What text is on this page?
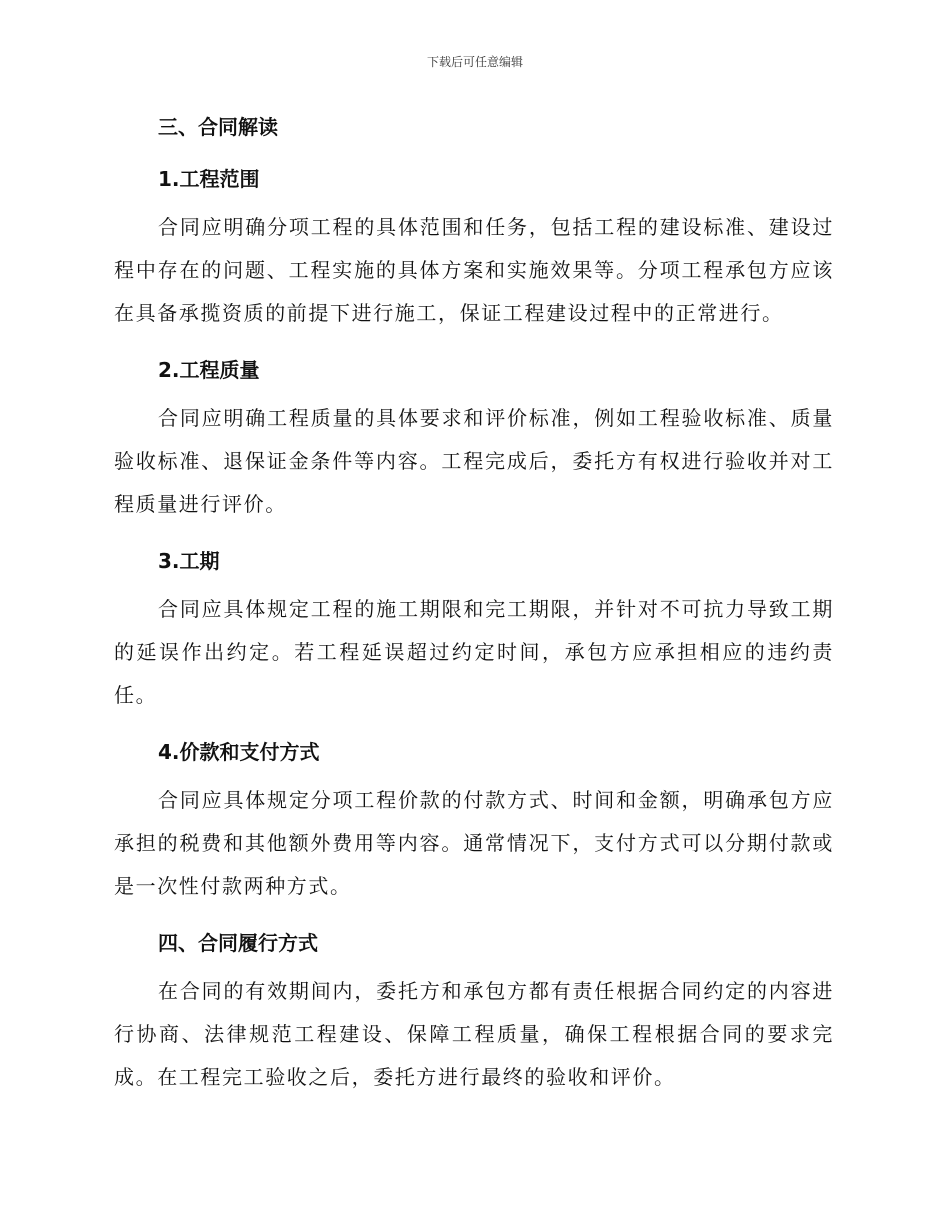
下载后可任意编辑
三、合同解读
1.工程范围

合同应明确分项工程的具体范围和任务，包括工程的建设标准、建设过程中存在的问题、工程实施的具体方案和实施效果等。分项工程承包方应该在具备承揽资质的前提下进行施工，保证工程建设过程中的正常进行。

2.工程质量

合同应明确工程质量的具体要求和评价标准，例如工程验收标准、质量验收标准、退保证金条件等内容。工程完成后，委托方有权进行验收并对工程质量进行评价。

3.工期

合同应具体规定工程的施工期限和完工期限，并针对不可抗力导致工期的延误作出约定。若工程延误超过约定时间，承包方应承担相应的违约责任。

4.价款和支付方式

合同应具体规定分项工程价款的付款方式、时间和金额，明确承包方应承担的税费和其他额外费用等内容。通常情况下，支付方式可以分期付款或是一次性付款两种方式。

四、合同履行方式

在合同的有效期间内，委托方和承包方都有责任根据合同约定的内容进行协商、法律规范工程建设、保障工程质量，确保工程根据合同的要求完成。在工程完工验收之后，委托方进行最终的验收和评价。
